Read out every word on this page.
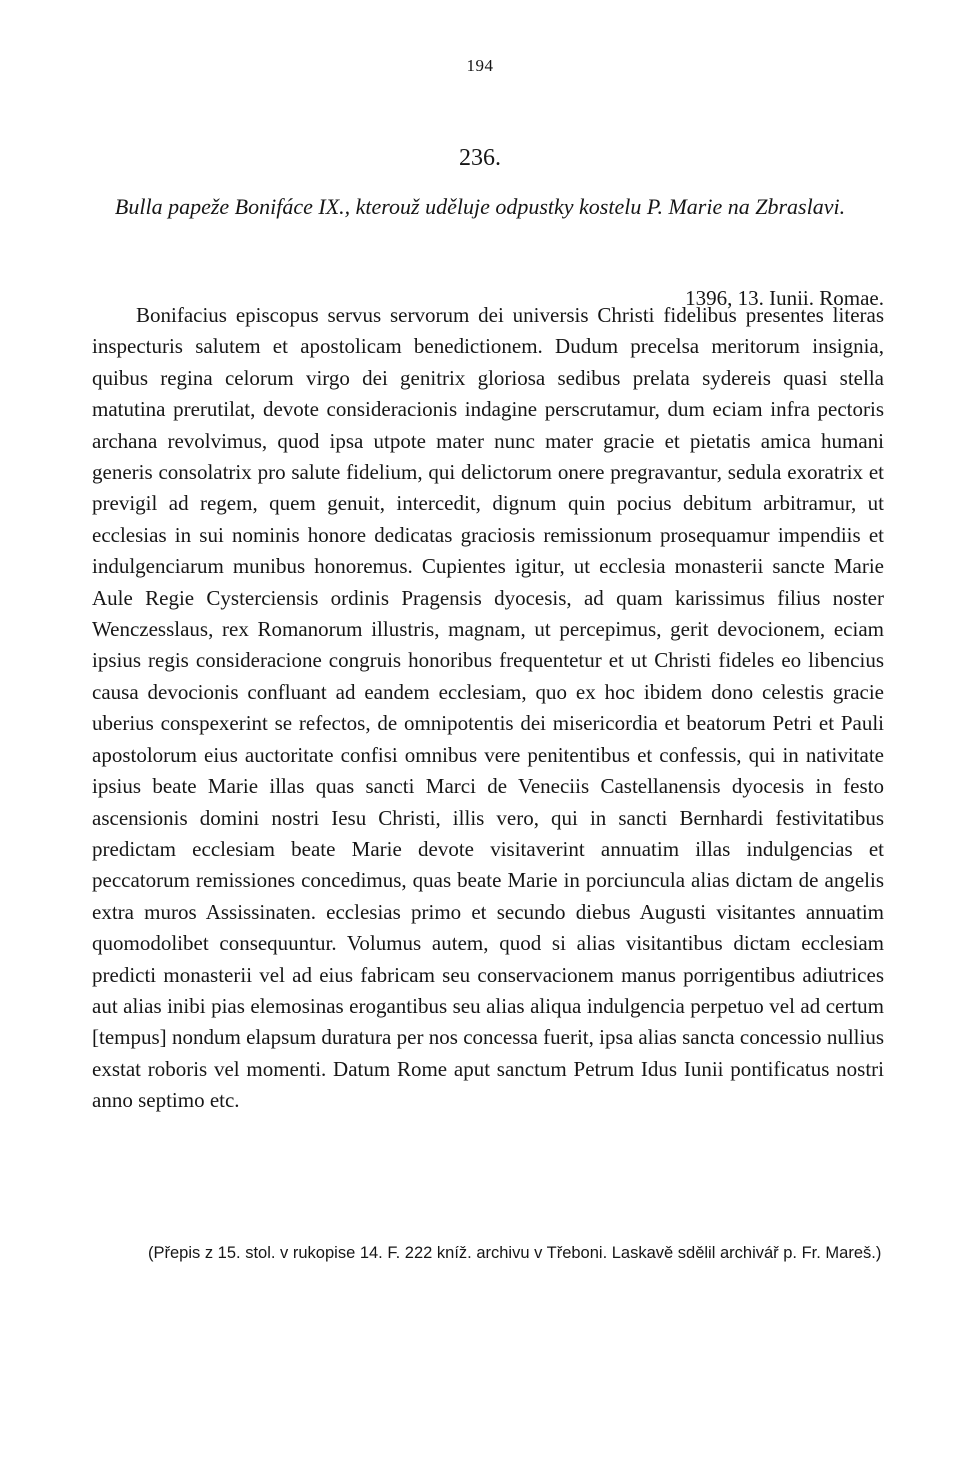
194
236.
Bulla papeže Bonifáce IX., kterouž uděluje odpustky kostelu P. Marie na Zbraslavi.
1396, 13. Iunii. Romae.

Bonifacius episcopus servus servorum dei universis Christi fidelibus presentes literas inspecturis salutem et apostolicam benedictionem. Dudum precelsa meritorum insignia, quibus regina celorum virgo dei genitrix gloriosa sedibus prelata sydereis quasi stella matutina prerutilat, devote consideracionis indagine perscrutamur, dum eciam infra pectoris archana revolvimus, quod ipsa utpote mater nunc mater gracie et pietatis amica humani generis consolatrix pro salute fidelium, qui delictorum onere pregravantur, sedula exoratrix et previgil ad regem, quem genuit, intercedit, dignum quin pocius debitum arbitramur, ut ecclesias in sui nominis honore dedicatas graciosis remissionum prosequamur impendiis et indulgenciarum munibus honoremus. Cupientes igitur, ut ecclesia monasterii sancte Marie Aule Regie Cysterciensis ordinis Pragensis dyocesis, ad quam karissimus filius noster Wenczesslaus, rex Romanorum illustris, magnam, ut percepimus, gerit devocionem, eciam ipsius regis consideracione congruis honoribus frequentetur et ut Christi fideles eo libencius causa devocionis confluant ad eandem ecclesiam, quo ex hoc ibidem dono celestis gracie uberius conspexerint se refectos, de omnipotentis dei misericordia et beatorum Petri et Pauli apostolorum eius auctoritate confisi omnibus vere penitentibus et confessis, qui in nativitate ipsius beate Marie illas quas sancti Marci de Veneciis Castellanensis dyocesis in festo ascensionis domini nostri Iesu Christi, illis vero, qui in sancti Bernhardi festivitatibus predictam ecclesiam beate Marie devote visitaverint annuatim illas indulgencias et peccatorum remissiones concedimus, quas beate Marie in porciuncula alias dictam de angelis extra muros Assissinaten. ecclesias primo et secundo diebus Augusti visitantes annuatim quomodolibet consequuntur. Volumus autem, quod si alias visitantibus dictam ecclesiam predicti monasterii vel ad eius fabricam seu conservacionem manus porrigentibus adiutrices aut alias inibi pias elemosinas erogantibus seu alias aliqua indulgencia perpetuo vel ad certum [tempus] nondum elapsum duratura per nos concessa fuerit, ipsa alias sancta concessio nullius exstat roboris vel momenti. Datum Rome aput sanctum Petrum Idus Iunii pontificatus nostri anno septimo etc.

(Přepis z 15. stol. v rukopise 14. F. 222 kníž. archivu v Třeboni. Laskavě sdělil archivář p. Fr. Mareš.)
